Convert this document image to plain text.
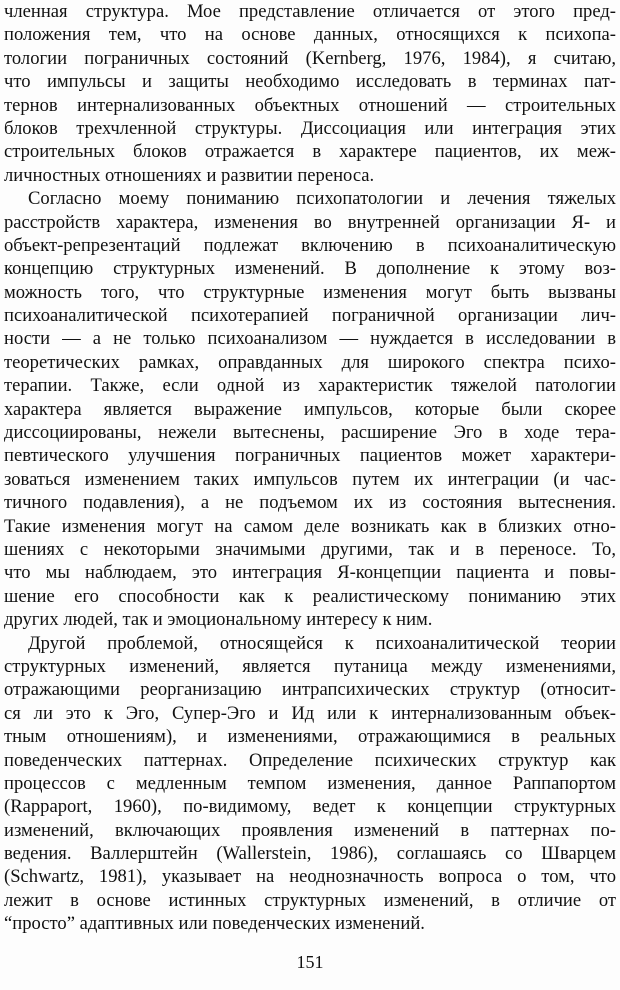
членная структура. Мое представление отличается от этого пред-
положения тем, что на основе данных, относящихся к психопа-
тологии пограничных состояний (Kernberg, 1976, 1984), я считаю,
что импульсы и защиты необходимо исследовать в терминах пат-
тернов интернализованных объектных отношений — строительных
блоков трехчленной структуры. Диссоциация или интеграция этих
строительных блоков отражается в характере пациентов, их меж-
личностных отношениях и развитии переноса.
Согласно моему пониманию психопатологии и лечения тяжелых
расстройств характера, изменения во внутренней организации Я- и
объект-репрезентаций подлежат включению в психоаналитическую
концепцию структурных изменений. В дополнение к этому воз-
можность того, что структурные изменения могут быть вызваны
психоаналитической психотерапией пограничной организации лич-
ности — а не только психоанализом — нуждается в исследовании в
теоретических рамках, оправданных для широкого спектра психо-
терапии. Также, если одной из характеристик тяжелой патологии
характера является выражение импульсов, которые были скорее
диссоциированы, нежели вытеснены, расширение Эго в ходе тера-
певтического улучшения пограничных пациентов может характери-
зоваться изменением таких импульсов путем их интеграции (и час-
тичного подавления), а не подъемом их из состояния вытеснения.
Такие изменения могут на самом деле возникать как в близких отно-
шениях с некоторыми значимыми другими, так и в переносе. То,
что мы наблюдаем, это интеграция Я-концепции пациента и повы-
шение его способности как к реалистическому пониманию этих
других людей, так и эмоциональному интересу к ним.
Другой проблемой, относящейся к психоаналитической теории
структурных изменений, является путаница между изменениями,
отражающими реорганизацию интрапсихических структур (относит-
ся ли это к Эго, Супер-Эго и Ид или к интернализованным объек-
тным отношениям), и изменениями, отражающимися в реальных
поведенческих паттернах. Определение психических структур как
процессов с медленным темпом изменения, данное Раппапортом
(Rappaport, 1960), по-видимому, ведет к концепции структурных
изменений, включающих проявления изменений в паттернах по-
ведения. Валлерштейн (Wallerstein, 1986), соглашаясь со Шварцем
(Schwartz, 1981), указывает на неоднозначность вопроса о том, что
лежит в основе истинных структурных изменений, в отличие от
“просто” адаптивных или поведенческих изменений.
151
